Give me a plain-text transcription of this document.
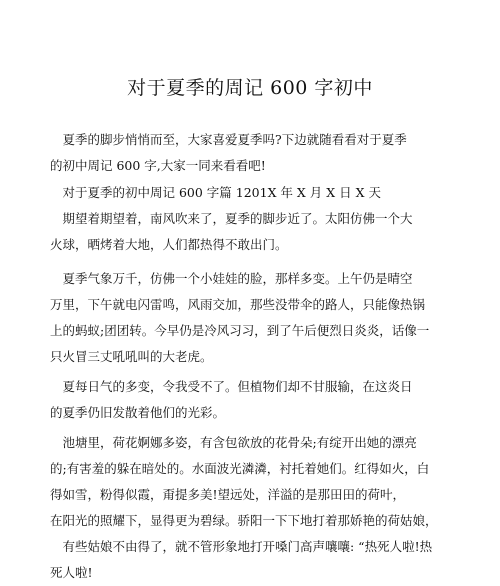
对于夏季的周记 600 字初中
　夏季的脚步悄悄而至，大家喜爱夏季吗?下边就随看看对于夏季
的初中周记 600 字,大家一同来看看吧!
　对于夏季的初中周记 600 字篇 1201X 年 X 月 X 日 X 天
　期望着期望着，南风吹来了，夏季的脚步近了。太阳仿佛一个大
火球，晒烤着大地，人们都热得不敢出门。
　夏季气象万千，仿佛一个小娃娃的脸，那样多变。上午仍是晴空
万里，下午就电闪雷鸣，风雨交加，那些没带伞的路人，只能像热锅
上的蚂蚁;团团转。今早仍是冷风习习，到了午后便烈日炎炎，话像一
只火冒三丈吼吼叫的大老虎。
　夏每日气的多变，令我受不了。但植物们却不甘服输，在这炎日
的夏季仍旧发散着他们的光彩。
　池塘里，荷花婀娜多姿，有含包欲放的花骨朵;有绽开出她的漂亮
的;有害羞的躲在暗处的。水面波光潾潾，衬托着她们。红得如火，白
得如雪，粉得似霞，甭提多美!望远处，洋溢的是那田田的荷叶，
在阳光的照耀下，显得更为碧绿。骄阳一下下地打着那娇艳的荷姑娘，
　有些姑娘不由得了，就不管形象地打开嗓门高声嚷嚷: “热死人啦!热
死人啦!
